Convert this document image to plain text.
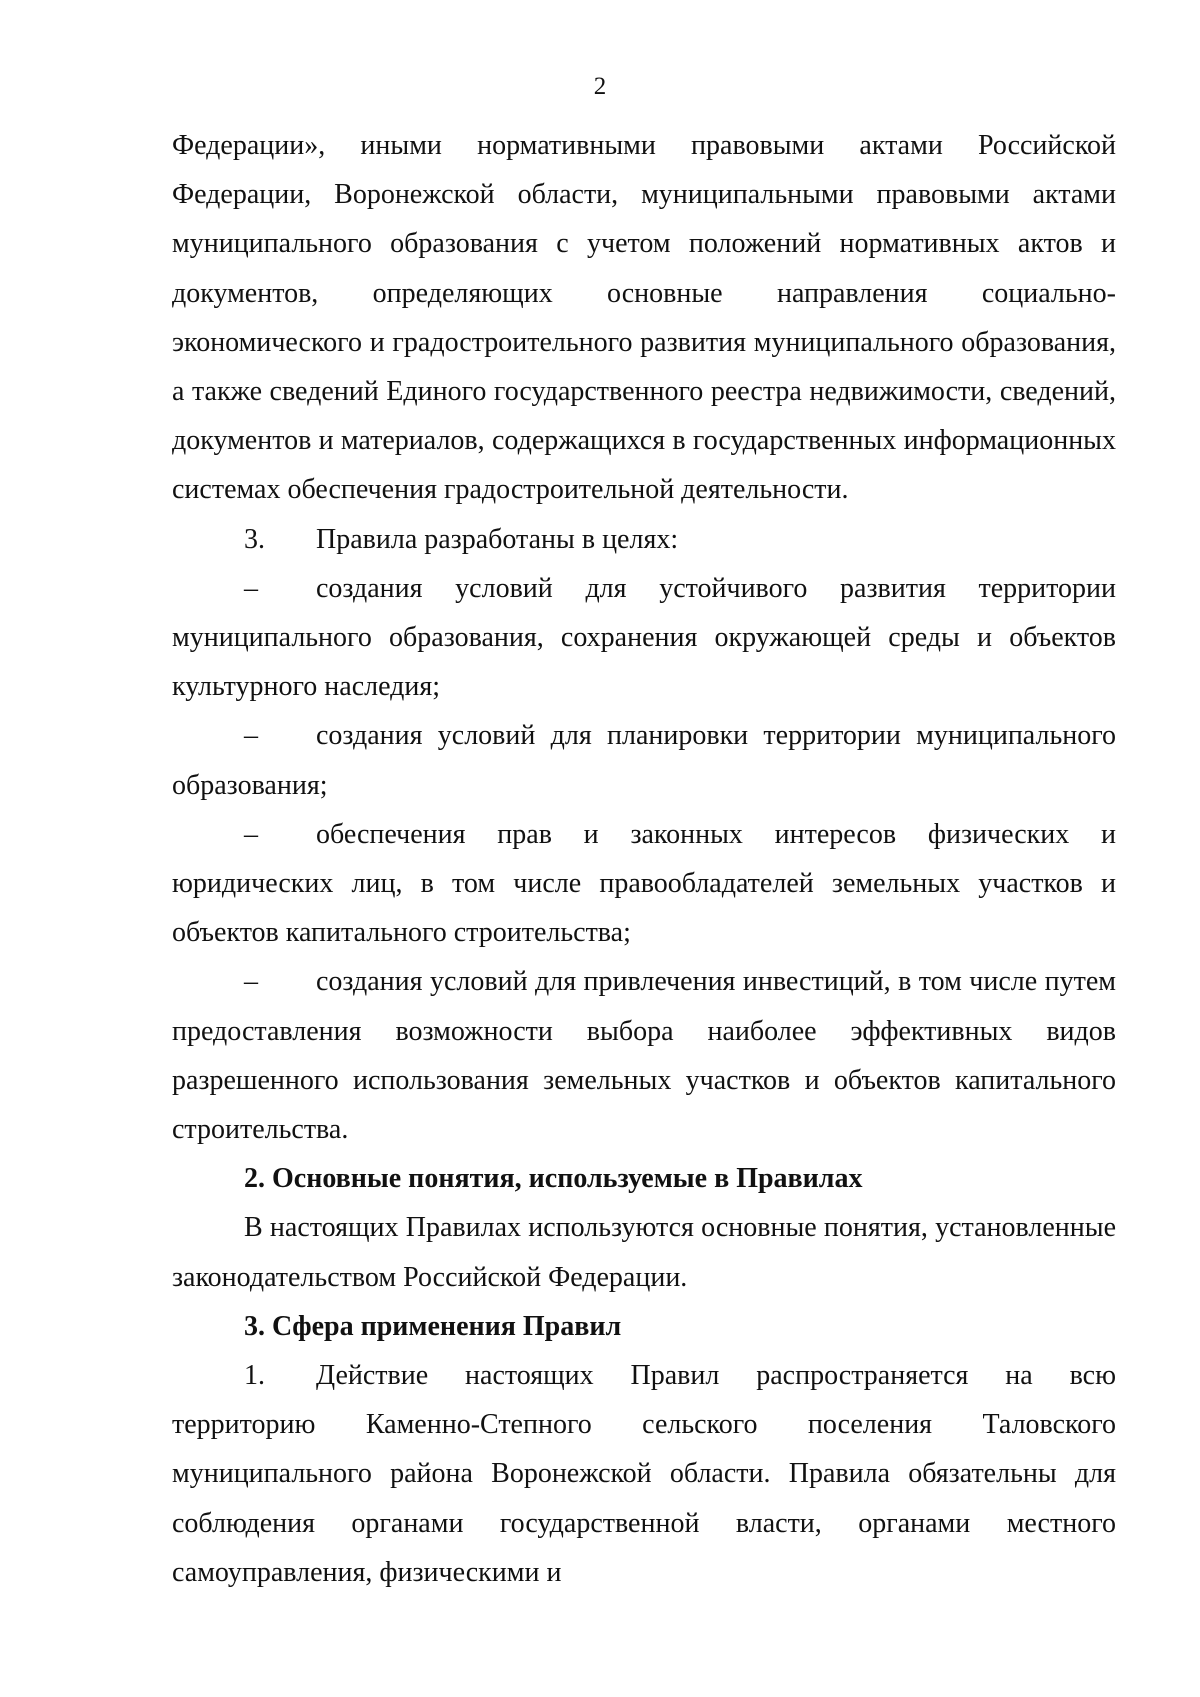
2

Федерации», иными нормативными правовыми актами Российской Федерации, Воронежской области, муниципальными правовыми актами муниципального образования с учетом положений нормативных актов и документов, определяющих основные направления социально-экономического и градостроительного развития муниципального образования, а также сведений Единого государственного реестра недвижимости, сведений, документов и материалов, содержащихся в государственных информационных системах обеспечения градостроительной деятельности.

3. Правила разработаны в целях:

– создания условий для устойчивого развития территории муниципального образования, сохранения окружающей среды и объектов культурного наследия;

– создания условий для планировки территории муниципального образования;

– обеспечения прав и законных интересов физических и юридических лиц, в том числе правообладателей земельных участков и объектов капитального строительства;

– создания условий для привлечения инвестиций, в том числе путем предоставления возможности выбора наиболее эффективных видов разрешенного использования земельных участков и объектов капитального строительства.

2. Основные понятия, используемые в Правилах

В настоящих Правилах используются основные понятия, установленные законодательством Российской Федерации.

3. Сфера применения Правил

1. Действие настоящих Правил распространяется на всю территорию Каменно-Степного сельского поселения Таловского муниципального района Воронежской области. Правила обязательны для соблюдения органами государственной власти, органами местного самоуправления, физическими и
